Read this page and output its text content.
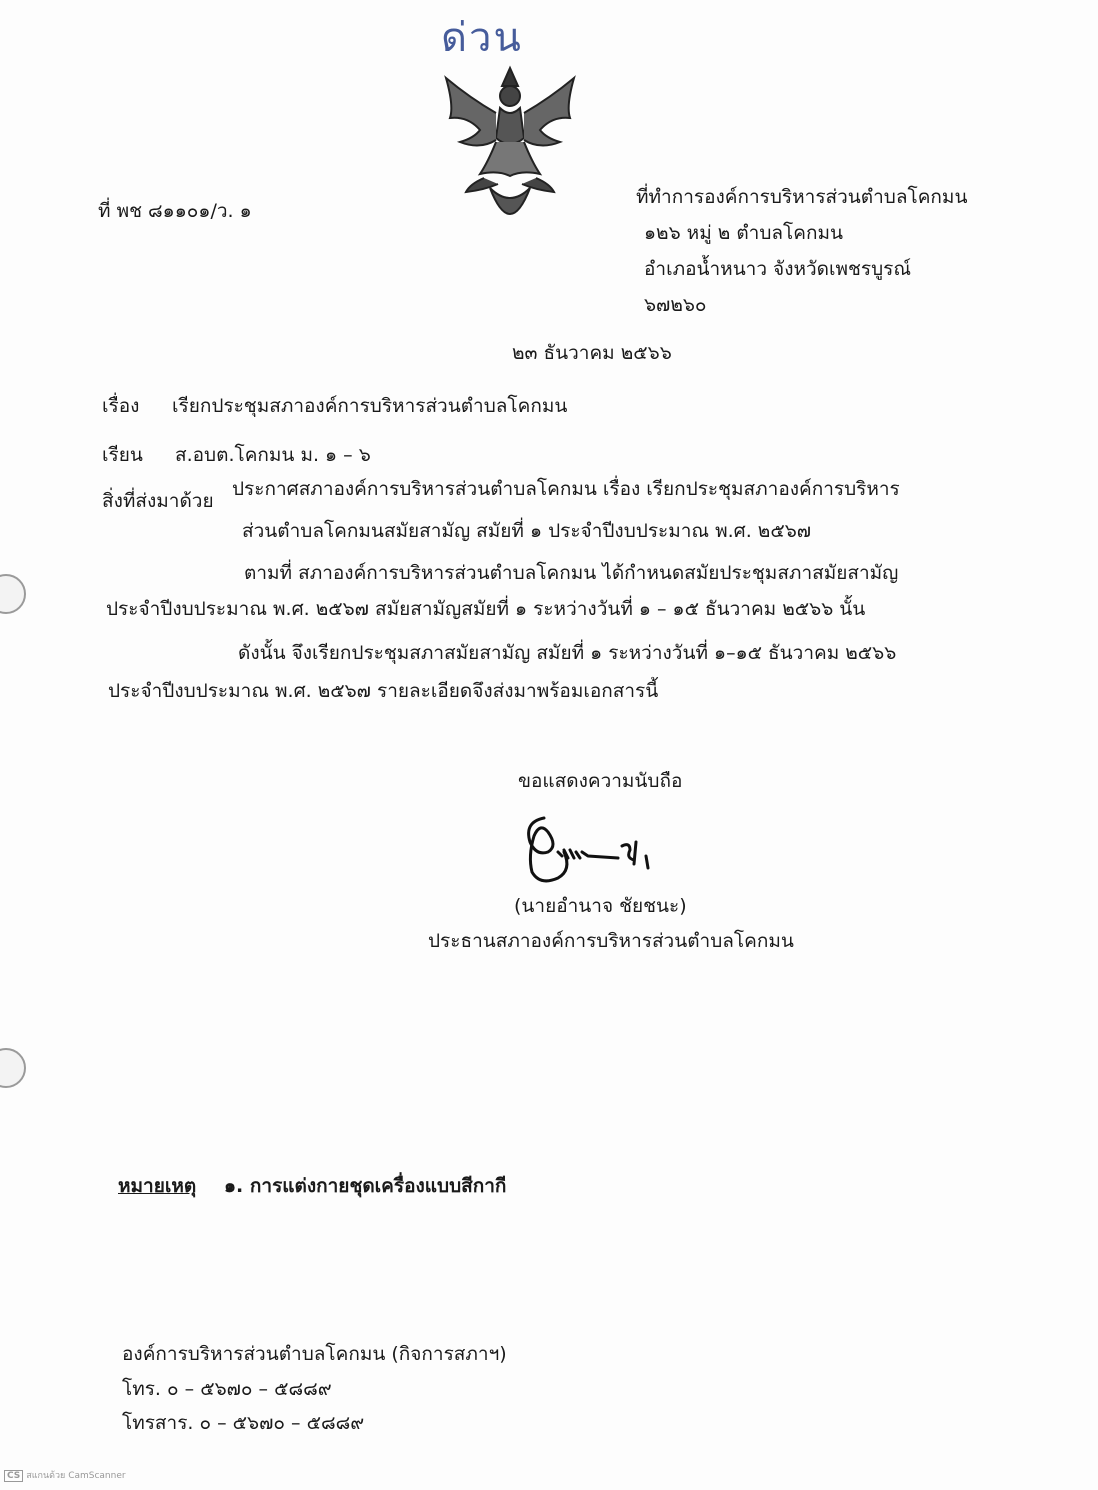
ด่วน
ที่ พช ๘๑๑๐๑/ว. ๑
ที่ทำการองค์การบริหารส่วนตำบลโคกมน
๑๒๖ หมู่ ๒ ตำบลโคกมน
อำเภอน้ำหนาว จังหวัดเพชรบูรณ์
๖๗๒๖๐
๒๓ ธันวาคม ๒๕๖๖
เรื่อง เรียกประชุมสภาองค์การบริหารส่วนตำบลโคกมน
เรียน ส.อบต.โคกมน ม. ๑ – ๖
สิ่งที่ส่งมาด้วย
ประกาศสภาองค์การบริหารส่วนตำบลโคกมน เรื่อง เรียกประชุมสภาองค์การบริหาร
ส่วนตำบลโคกมนสมัยสามัญ สมัยที่ ๑ ประจำปีงบประมาณ พ.ศ. ๒๕๖๗
ตามที่ สภาองค์การบริหารส่วนตำบลโคกมน ได้กำหนดสมัยประชุมสภาสมัยสามัญ
ประจำปีงบประมาณ พ.ศ. ๒๕๖๗ สมัยสามัญสมัยที่ ๑ ระหว่างวันที่ ๑ – ๑๕ ธันวาคม ๒๕๖๖ นั้น
ดังนั้น จึงเรียกประชุมสภาสมัยสามัญ สมัยที่ ๑ ระหว่างวันที่ ๑–๑๕ ธันวาคม ๒๕๖๖
ประจำปีงบประมาณ พ.ศ. ๒๕๖๗ รายละเอียดจึงส่งมาพร้อมเอกสารนี้
ขอแสดงความนับถือ
(นายอำนาจ ชัยชนะ)
ประธานสภาองค์การบริหารส่วนตำบลโคกมน
หมายเหตุ ๑. การแต่งกายชุดเครื่องแบบสีกากี
องค์การบริหารส่วนตำบลโคกมน (กิจการสภาฯ)
โทร. ๐ – ๕๖๗๐ – ๕๘๘๙
โทรสาร. ๐ – ๕๖๗๐ – ๕๘๘๙
CS สแกนด้วย CamScanner
